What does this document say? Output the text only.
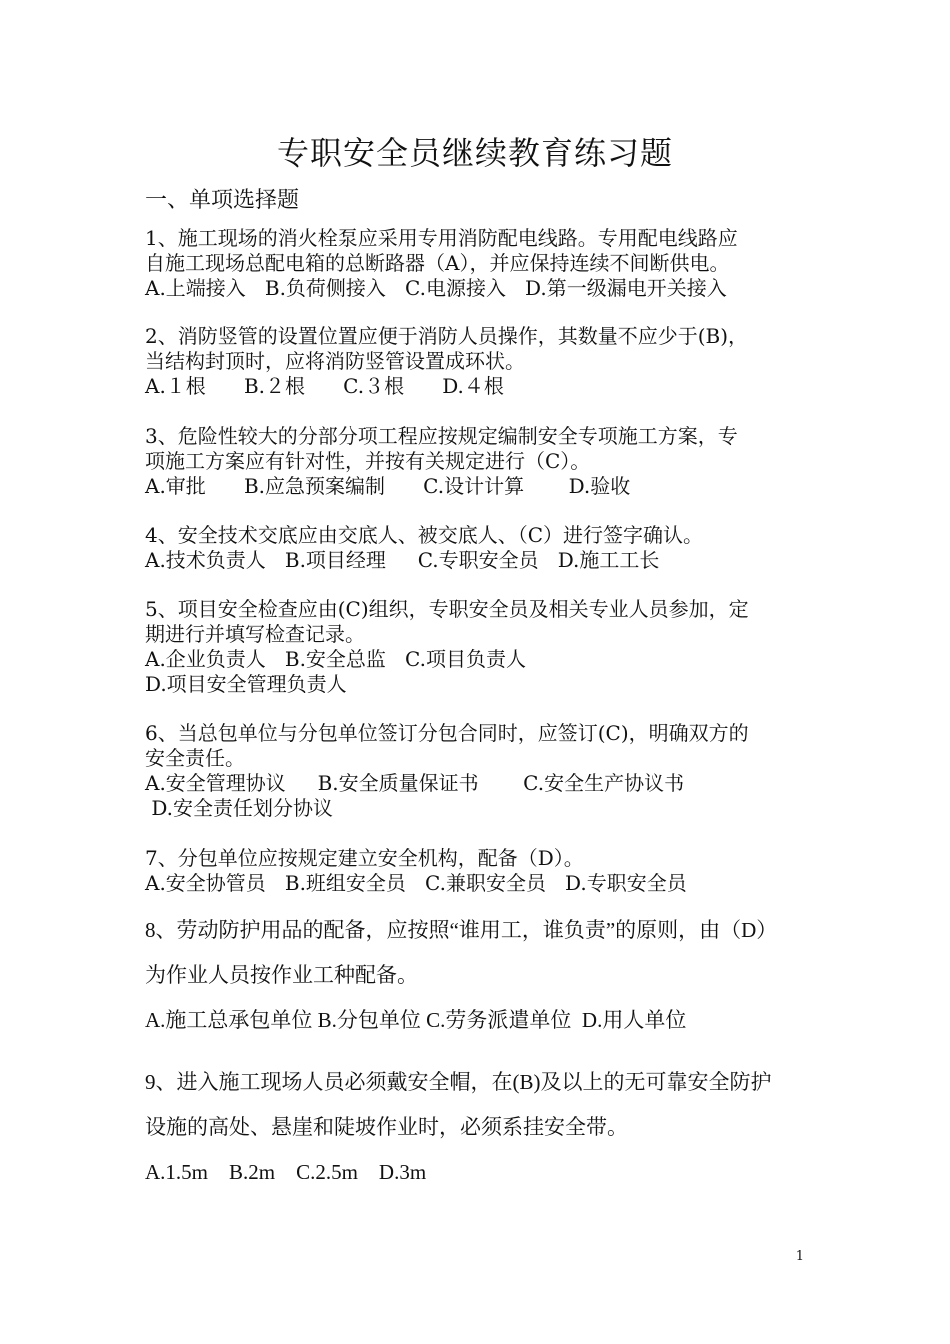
专职安全员继续教育练习题
一、单项选择题
1、施工现场的消火栓泵应采用专用消防配电线路。专用配电线路应
自施工现场总配电箱的总断路器（A），并应保持连续不间断供电。
A.上端接入   B.负荷侧接入   C.电源接入   D.第一级漏电开关接入
2、消防竖管的设置位置应便于消防人员操作，其数量不应少于(B)，
当结构封顶时，应将消防竖管设置成环状。
A.１根      B.２根      C.３根      D.４根
3、危险性较大的分部分项工程应按规定编制安全专项施工方案，专
项施工方案应有针对性，并按有关规定进行（C）。
A.审批      B.应急预案编制      C.设计计算       D.验收
4、安全技术交底应由交底人、被交底人、（C）进行签字确认。
A.技术负责人   B.项目经理     C.专职安全员   D.施工工长
5、项目安全检查应由(C)组织，专职安全员及相关专业人员参加，定
期进行并填写检查记录。
A.企业负责人   B.安全总监   C.项目负责人
D.项目安全管理负责人
6、当总包单位与分包单位签订分包合同时，应签订(C)，明确双方的
安全责任。
A.安全管理协议     B.安全质量保证书       C.安全生产协议书
D.安全责任划分协议
7、分包单位应按规定建立安全机构，配备（D）。
A.安全协管员   B.班组安全员   C.兼职安全员   D.专职安全员
8、劳动防护用品的配备，应按照“谁用工，谁负责”的原则，由（D）
为作业人员按作业工种配备。
A.施工总承包单位 B.分包单位 C.劳务派遣单位  D.用人单位
9、进入施工现场人员必须戴安全帽，在(B)及以上的无可靠安全防护
设施的高处、悬崖和陡坡作业时，必须系挂安全带。
A.1.5m    B.2m    C.2.5m    D.3m
1
